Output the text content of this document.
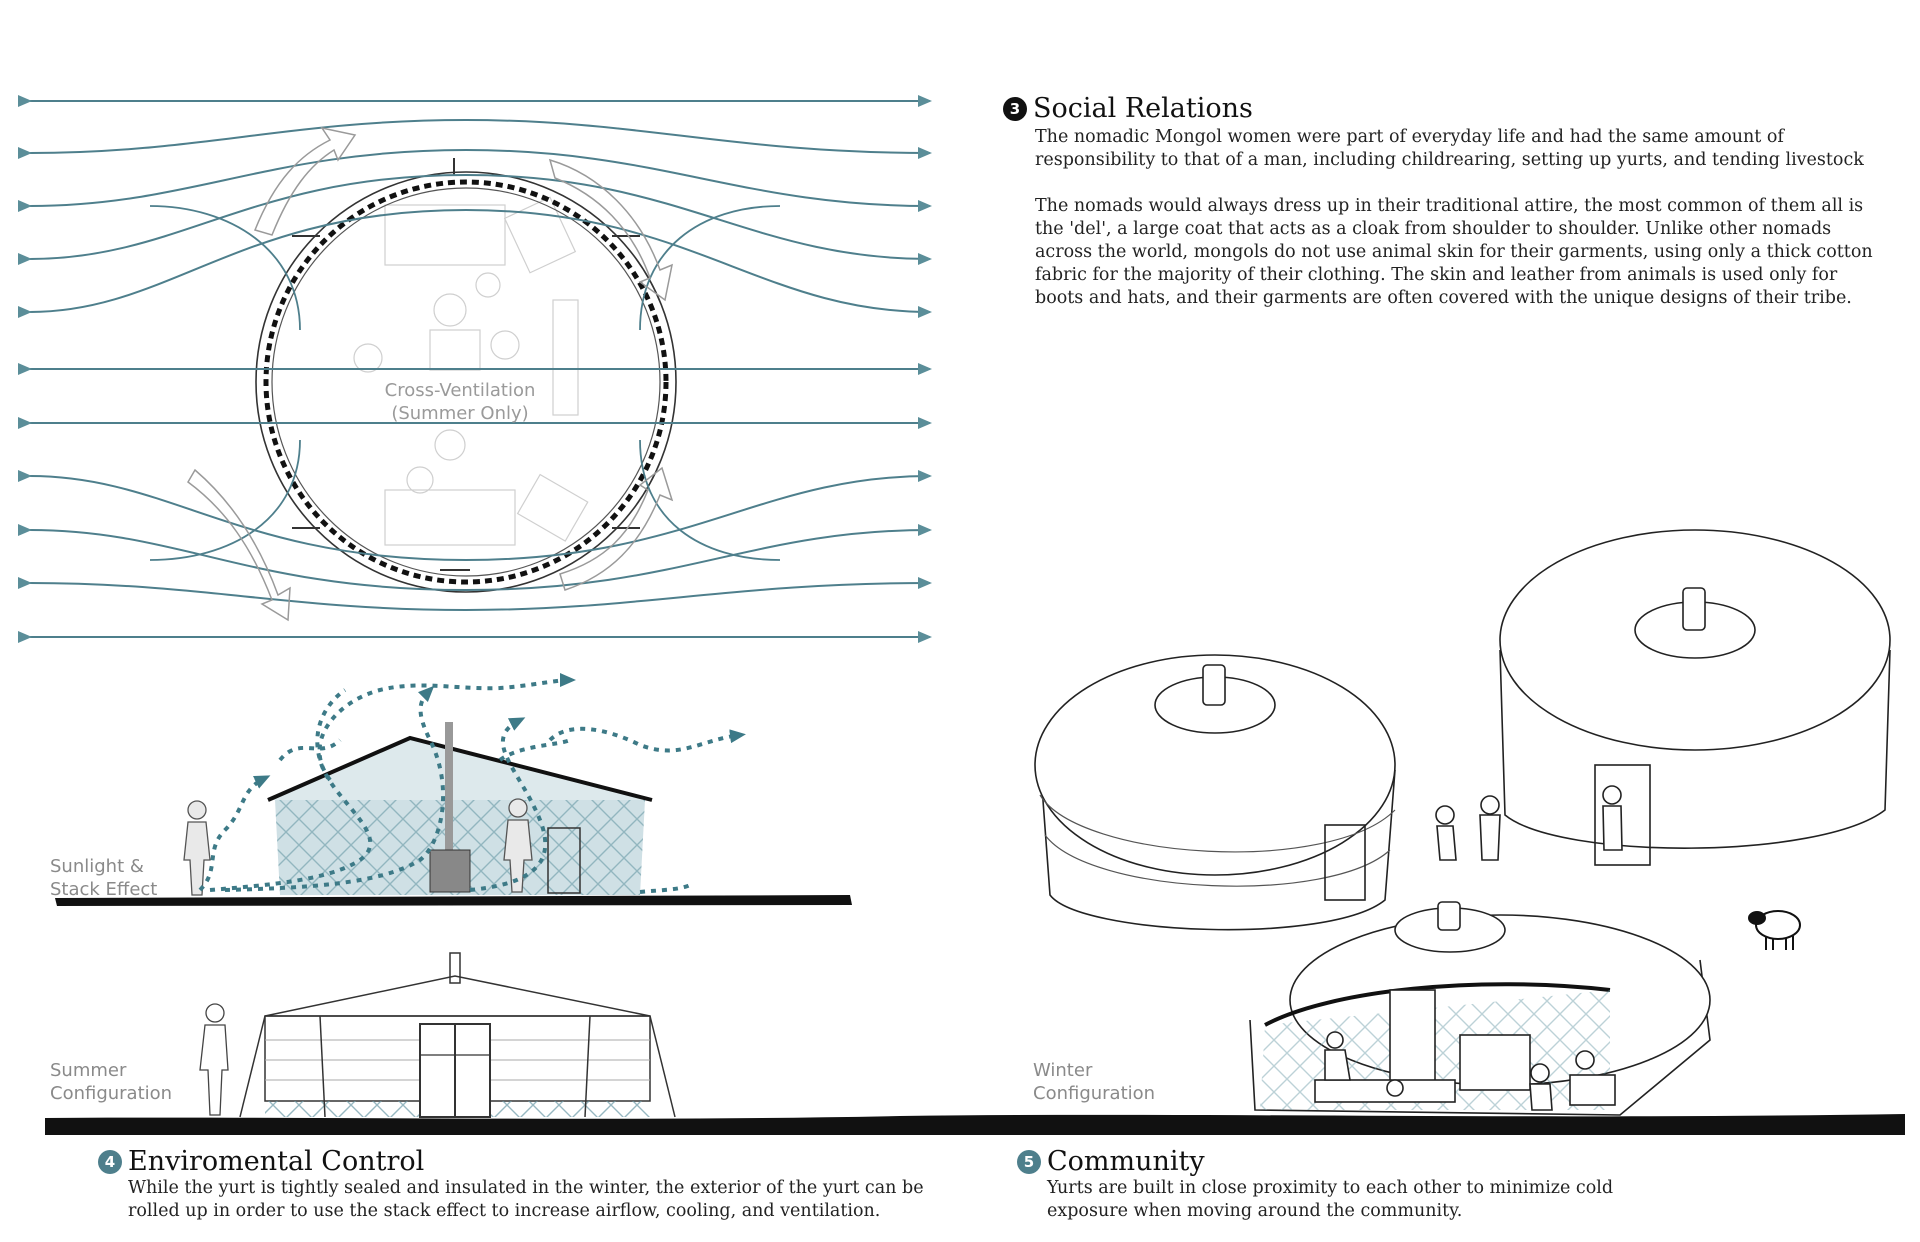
Cross-Ventilation
(Summer Only)
Sunlight &
Stack Effect
Summer
Configuration
Winter
Configuration
3 Social Relations

The nomadic Mongol women were part of everyday life and had the same amount of responsibility to that of a man, including childrearing, setting up yurts, and tending livestock

The nomads would always dress up in their traditional attire, the most common of them all is the 'del', a large coat that acts as a cloak from shoulder to shoulder. Unlike other nomads across the world, mongols do not use animal skin for their garments, using only a thick cotton fabric for the majority of their clothing. The skin and leather from animals is used only for boots and hats, and their garments are often covered with the unique designs of their tribe.

4 Enviromental Control

While the yurt is tightly sealed and insulated in the winter, the exterior of the yurt can be rolled up in order to use the stack effect to increase airflow, cooling, and ventilation.

5 Community

Yurts are built in close proximity to each other to minimize cold exposure when moving around the community.
